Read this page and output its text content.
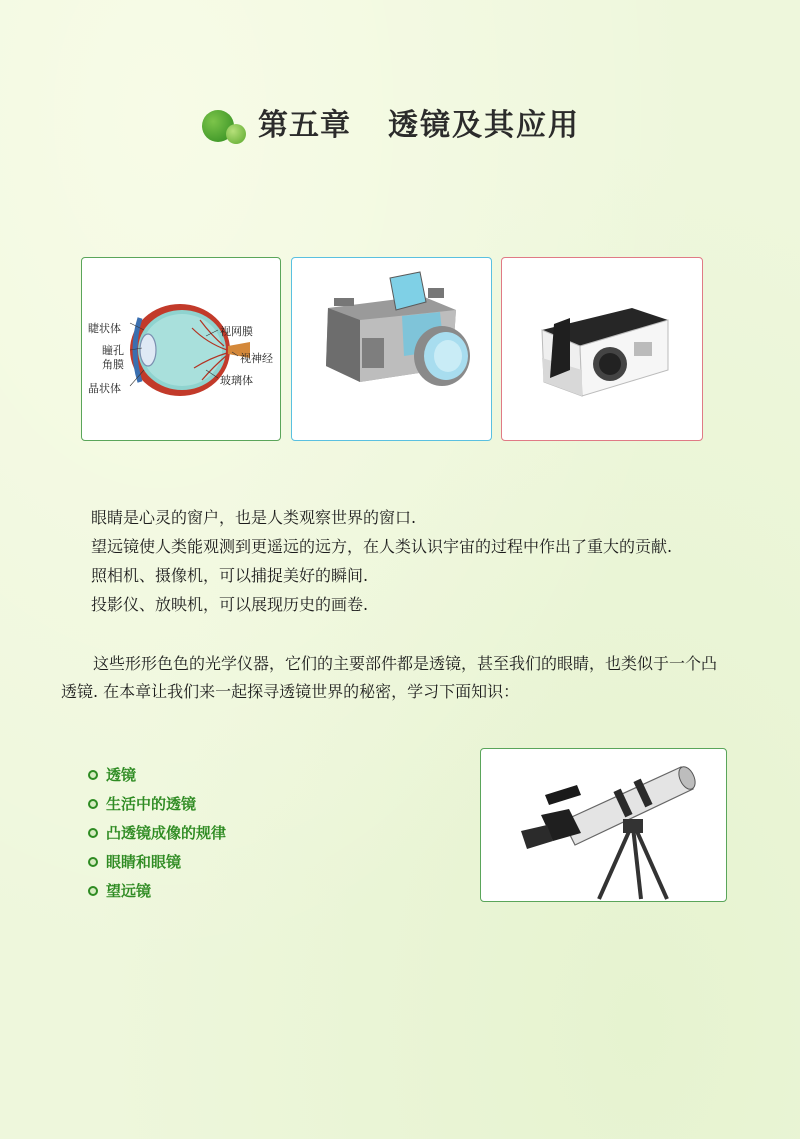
第五章 透镜及其应用
睫状体
瞳孔
角膜
晶状体
视网膜
视神经
玻璃体
眼睛是心灵的窗户，也是人类观察世界的窗口.
望远镜使人类能观测到更遥远的远方，在人类认识宇宙的过程中作出了重大的贡献.
照相机、摄像机，可以捕捉美好的瞬间.
投影仪、放映机，可以展现历史的画卷.
这些形形色色的光学仪器，它们的主要部件都是透镜，甚至我们的眼睛，也类似于一个凸透镜. 在本章让我们来一起探寻透镜世界的秘密，学习下面知识：
透镜
生活中的透镜
凸透镜成像的规律
眼睛和眼镜
望远镜
